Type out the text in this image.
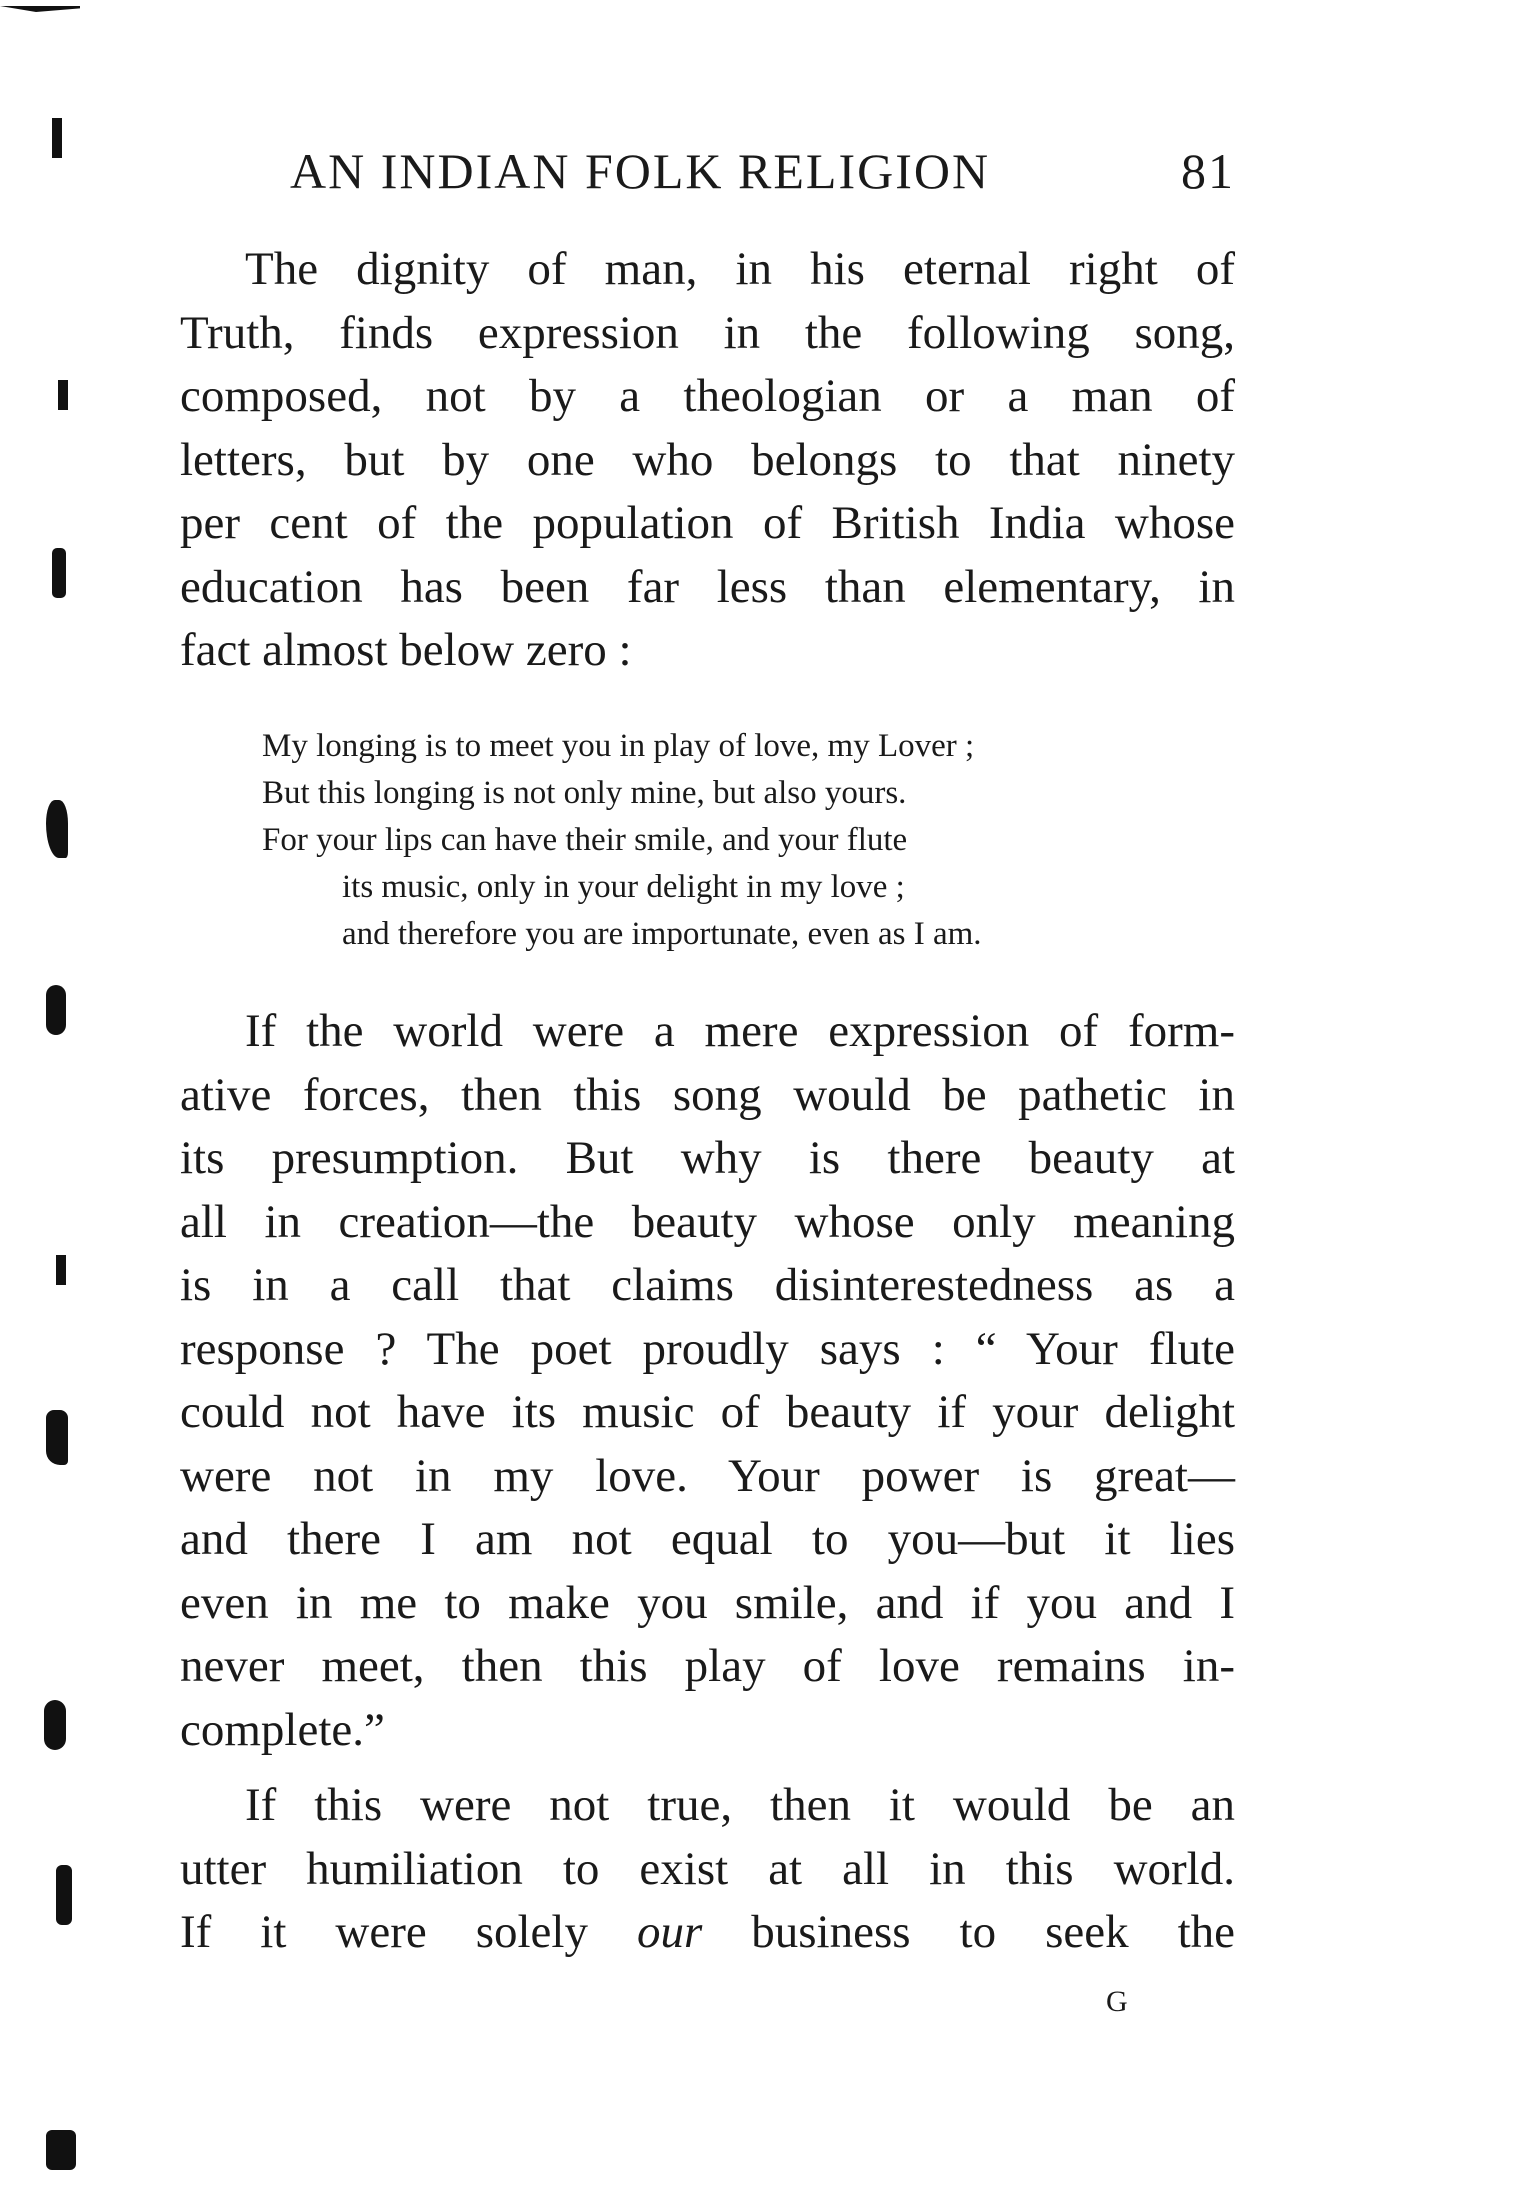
AN INDIAN FOLK RELIGION	81
The dignity of man, in his eternal right of
Truth, finds expression in the following song,
composed, not by a theologian or a man of
letters, but by one who belongs to that ninety
per cent of the population of British India whose
education has been far less than elementary, in
fact almost below zero :
My longing is to meet you in play of love, my Lover ;
But this longing is not only mine, but also yours.
For your lips can have their smile, and your flute
its music, only in your delight in my love ;
and therefore you are importunate, even as I am.
If the world were a mere expression of form-
ative forces, then this song would be pathetic in
its presumption. But why is there beauty at
all in creation—the beauty whose only meaning
is in a call that claims disinterestedness as a
response ? The poet proudly says : “ Your flute
could not have its music of beauty if your delight
were not in my love. Your power is great—
and there I am not equal to you—but it lies
even in me to make you smile, and if you and I
never meet, then this play of love remains in-
complete.”
If this were not true, then it would be an
utter humiliation to exist at all in this world.
If it were solely our business to seek the
G
